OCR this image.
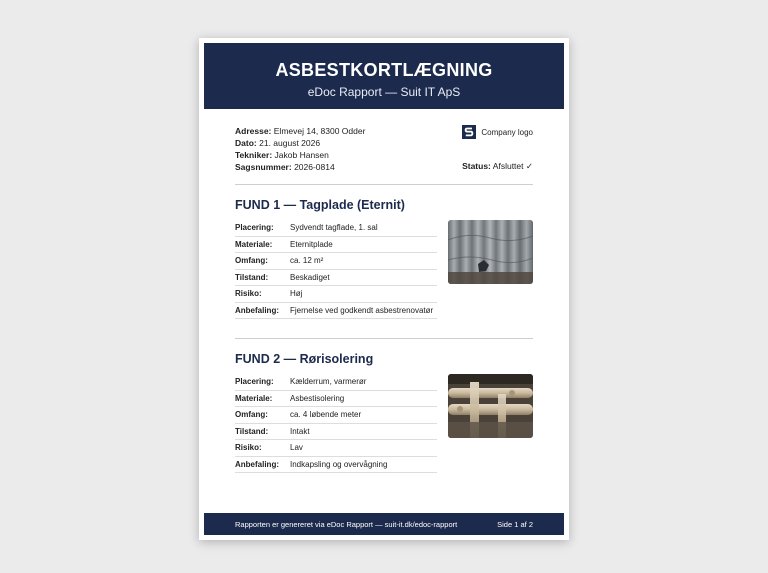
ASBESTKORTLÆGNING
eDoc Rapport — Suit IT ApS
Adresse: Elmevej 14, 8300 Odder
Dato: 21. august 2026
Tekniker: Jakob Hansen
Sagsnummer: 2026-0814
Company logo
Status: Afsluttet ✓
FUND 1 — Tagplade (Eternit)
Placering:	Sydvendt tagflade, 1. sal
Materiale:	Eternitplade
Omfang:	ca. 12 m²
Tilstand:	Beskadiget
Risiko:	Høj
Anbefaling:	Fjernelse ved godkendt asbestrenovatør
FUND 2 — Rørisolering
Placering:	Kælderrum, varmerør
Materiale:	Asbestisolering
Omfang:	ca. 4 løbende meter
Tilstand:	Intakt
Risiko:	Lav
Anbefaling:	Indkapsling og overvågning
Rapporten er genereret via eDoc Rapport — suit-it.dk/edoc-rapport	Side 1 af 2
